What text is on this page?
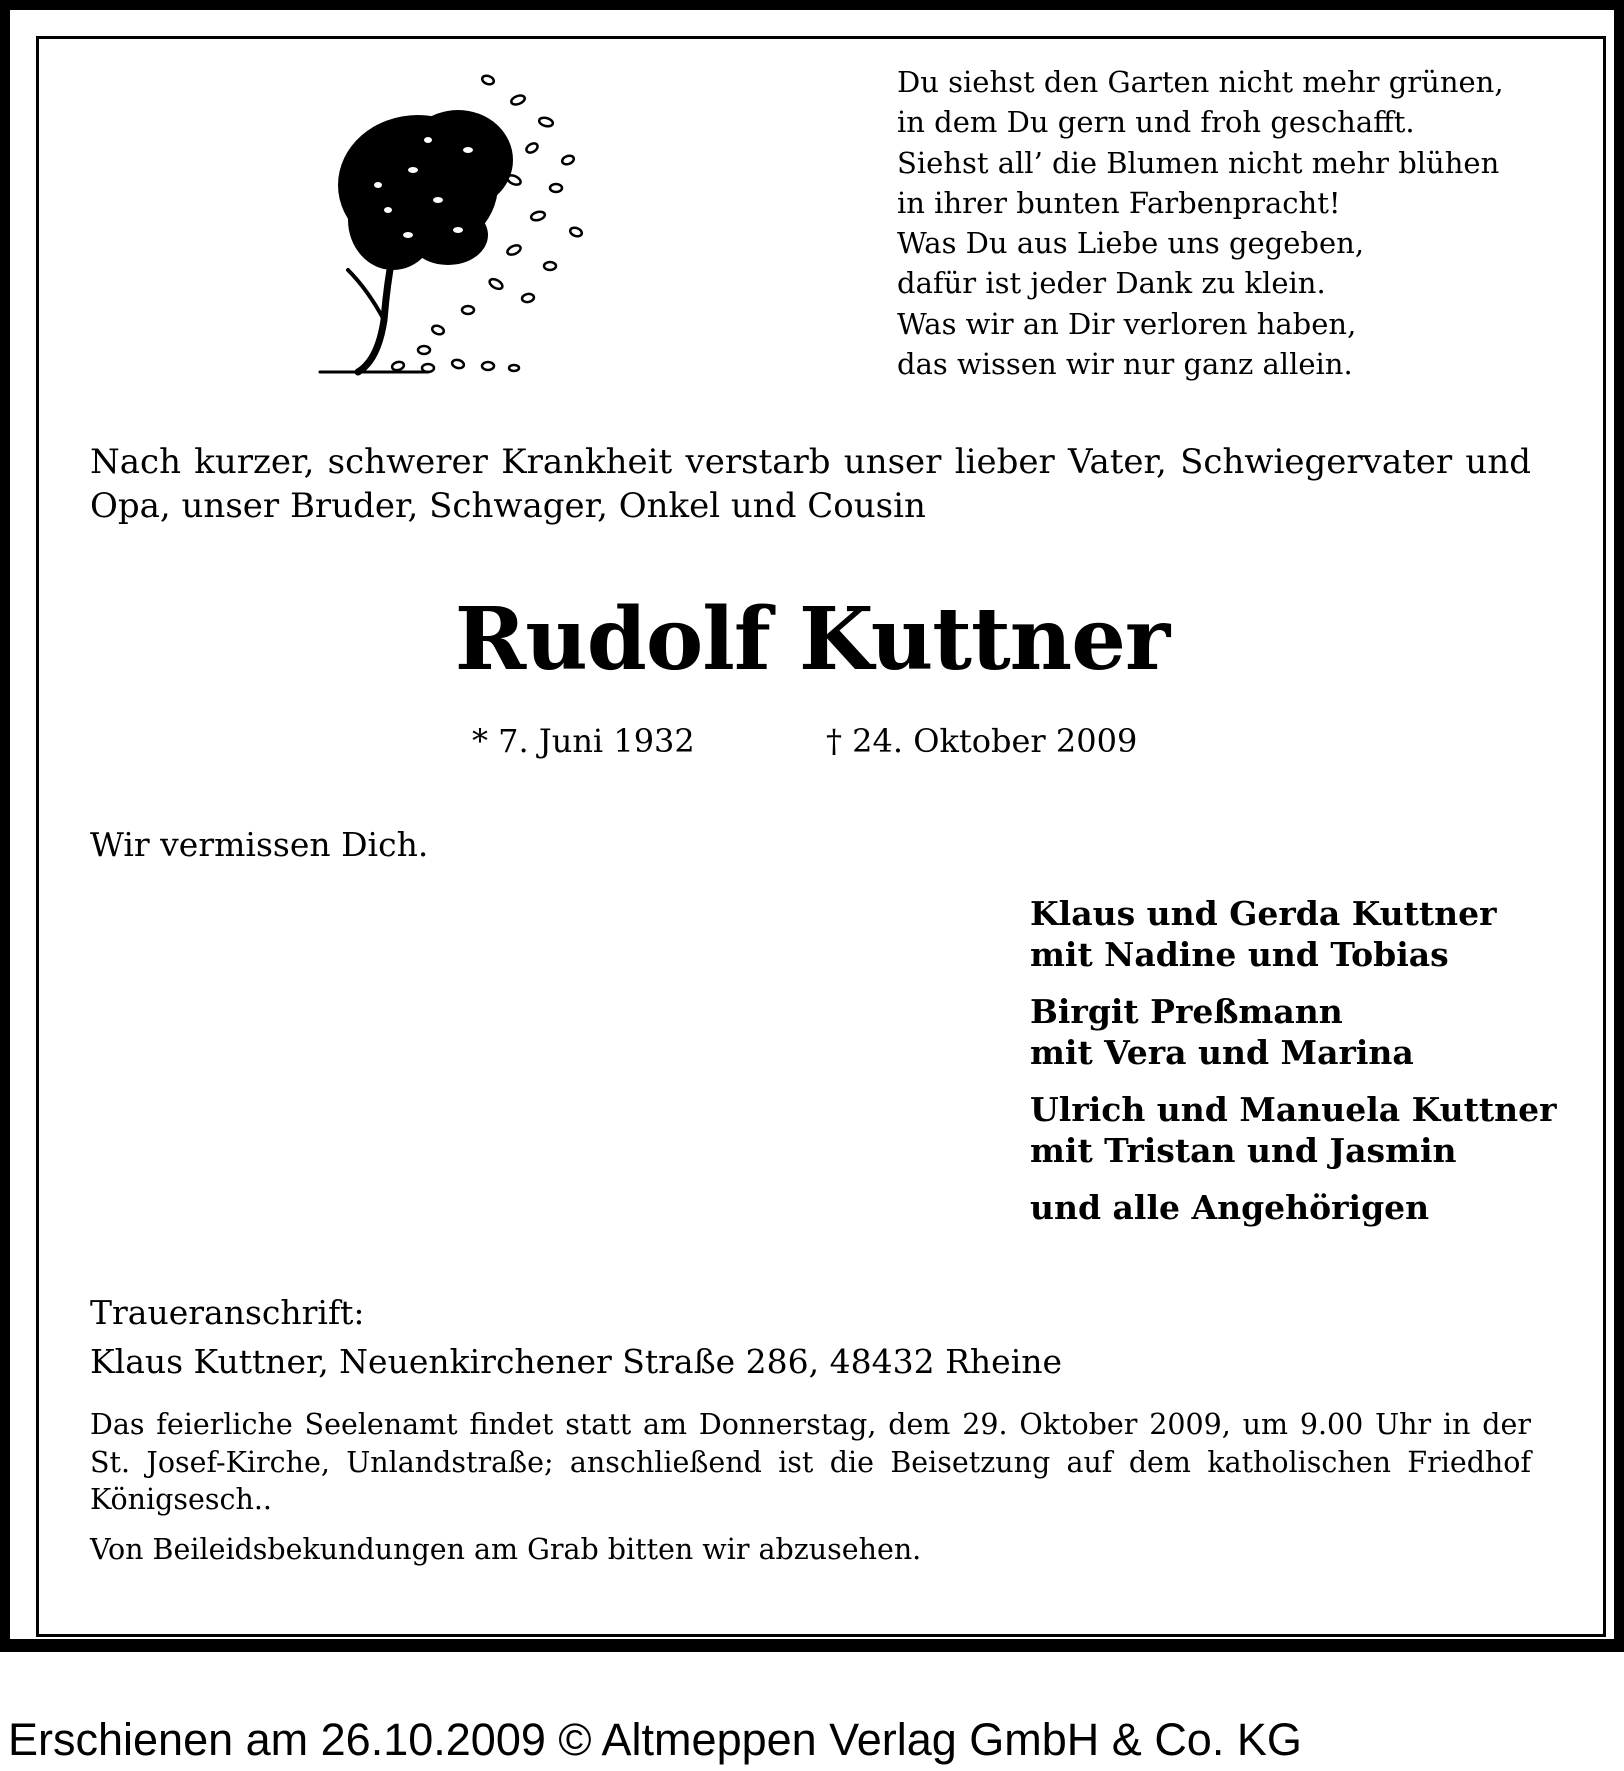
Du siehst den Garten nicht mehr grünen,
in dem Du gern und froh geschafft.
Siehst all’ die Blumen nicht mehr blühen
in ihrer bunten Farbenpracht!
Was Du aus Liebe uns gegeben,
dafür ist jeder Dank zu klein.
Was wir an Dir verloren haben,
das wissen wir nur ganz allein.

Nach kurzer, schwerer Krankheit verstarb unser lieber Vater, Schwiegervater und Opa, unser Bruder, Schwager, Onkel und Cousin

Rudolf Kuttner
* 7. Juni 1932	† 24. Oktober 2009
Wir vermissen Dich.
Klaus und Gerda Kuttner
mit Nadine und Tobias
Birgit Preßmann
mit Vera und Marina
Ulrich und Manuela Kuttner
mit Tristan und Jasmin
und alle Angehörigen
Traueranschrift:
Klaus Kuttner, Neuenkirchener Straße 286, 48432 Rheine

Das feierliche Seelenamt findet statt am Donnerstag, dem 29. Oktober 2009, um 9.00 Uhr in der St. Josef-Kirche, Unlandstraße; anschließend ist die Beisetzung auf dem katholischen Friedhof Königsesch..

Von Beileidsbekundungen am Grab bitten wir abzusehen.
Erschienen am 26.10.2009 © Altmeppen Verlag GmbH & Co. KG
